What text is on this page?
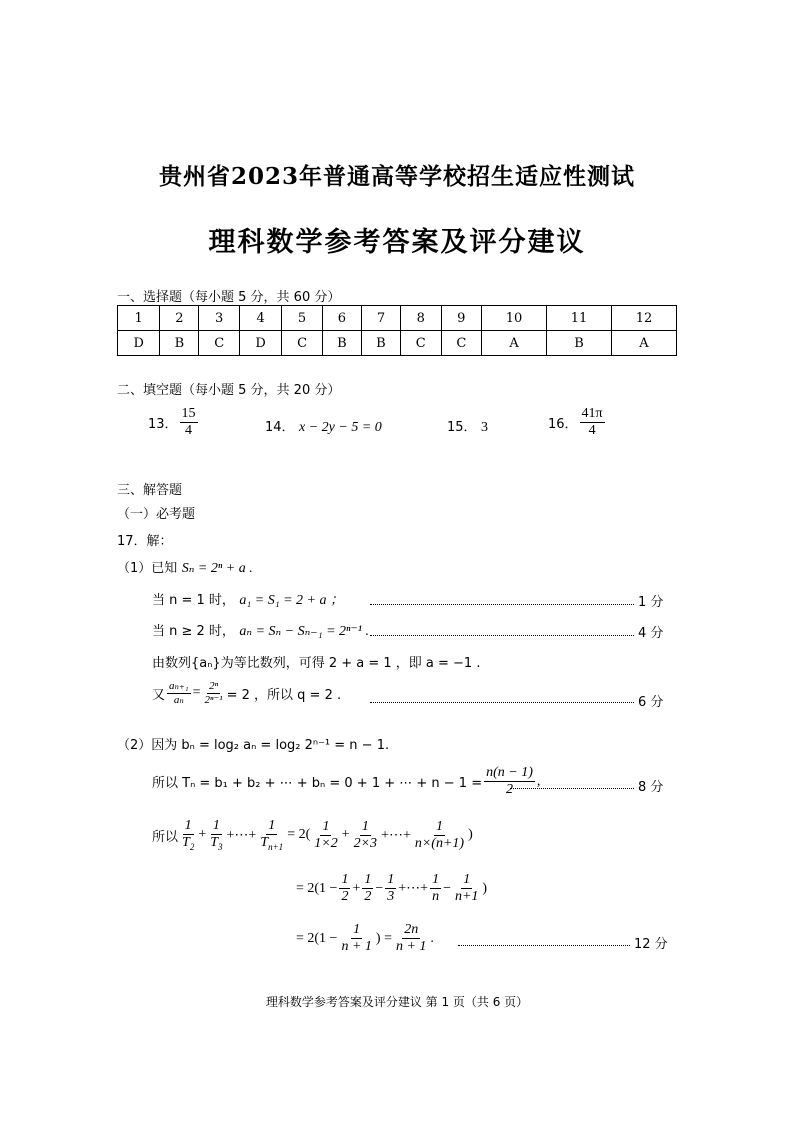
贵州省2023年普通高等学校招生适应性测试
理科数学参考答案及评分建议
一、选择题（每小题 5 分，共 60 分）
1	2	3	4	5	6	7	8	9	10	11	12
D	B	C	D	C	B	B	C	C	A	B	A
二、填空题（每小题 5 分，共 20 分）
13． $\frac{15}{4}$	14． x − 2y − 5 = 0	15． 3	16． $\frac{41\pi}{4}$
三、解答题
（一）必考题
17．解：
（1）已知 Sₙ = 2ⁿ + a .
当 n = 1 时， a₁ = S₁ = 2 + a ；	1 分
当 n ≥ 2 时， aₙ = Sₙ − Sₙ₋₁ = 2ⁿ⁻¹ .	4 分
由数列{aₙ}为等比数列，可得 2 + a = 1 ，即 a = −1 .
又 $\frac{\text{aₙ₊₁}}{\text{aₙ}} = \frac{\text{2ⁿ}}{\text{2ⁿ⁻¹}} = 2$ ，所以 q = 2 .	6 分
（2）因为 bₙ = log₂ aₙ = log₂ 2ⁿ⁻¹ = n − 1.
所以 Tₙ = b₁ + b₂ + ⋯ + bₙ = 0 + 1 + ⋯ + $n - 1 = \frac{n(n - 1)}{2}$ ,	8 分
所以 $\frac{1}{T_2} + \frac{1}{T_3}$ +⋯+ $\frac{1}{T_{n+1}} = 2( \frac{1}{1\times 2} + \frac{1}{2\times 3}$ +⋯+ $\frac{1}{n\times(n+1)}$ )
= $2(1 - \frac{1}{2} + \frac{1}{2} - \frac{1}{3}$ +⋯+ $\frac{1}{n} - \frac{1}{n+1}$ )
= $2(1 - \frac{1}{n + 1}$ ) = $\frac{2n}{n + 1}$ .	12 分
理科数学参考答案及评分建议 第 1 页（共 6 页）
